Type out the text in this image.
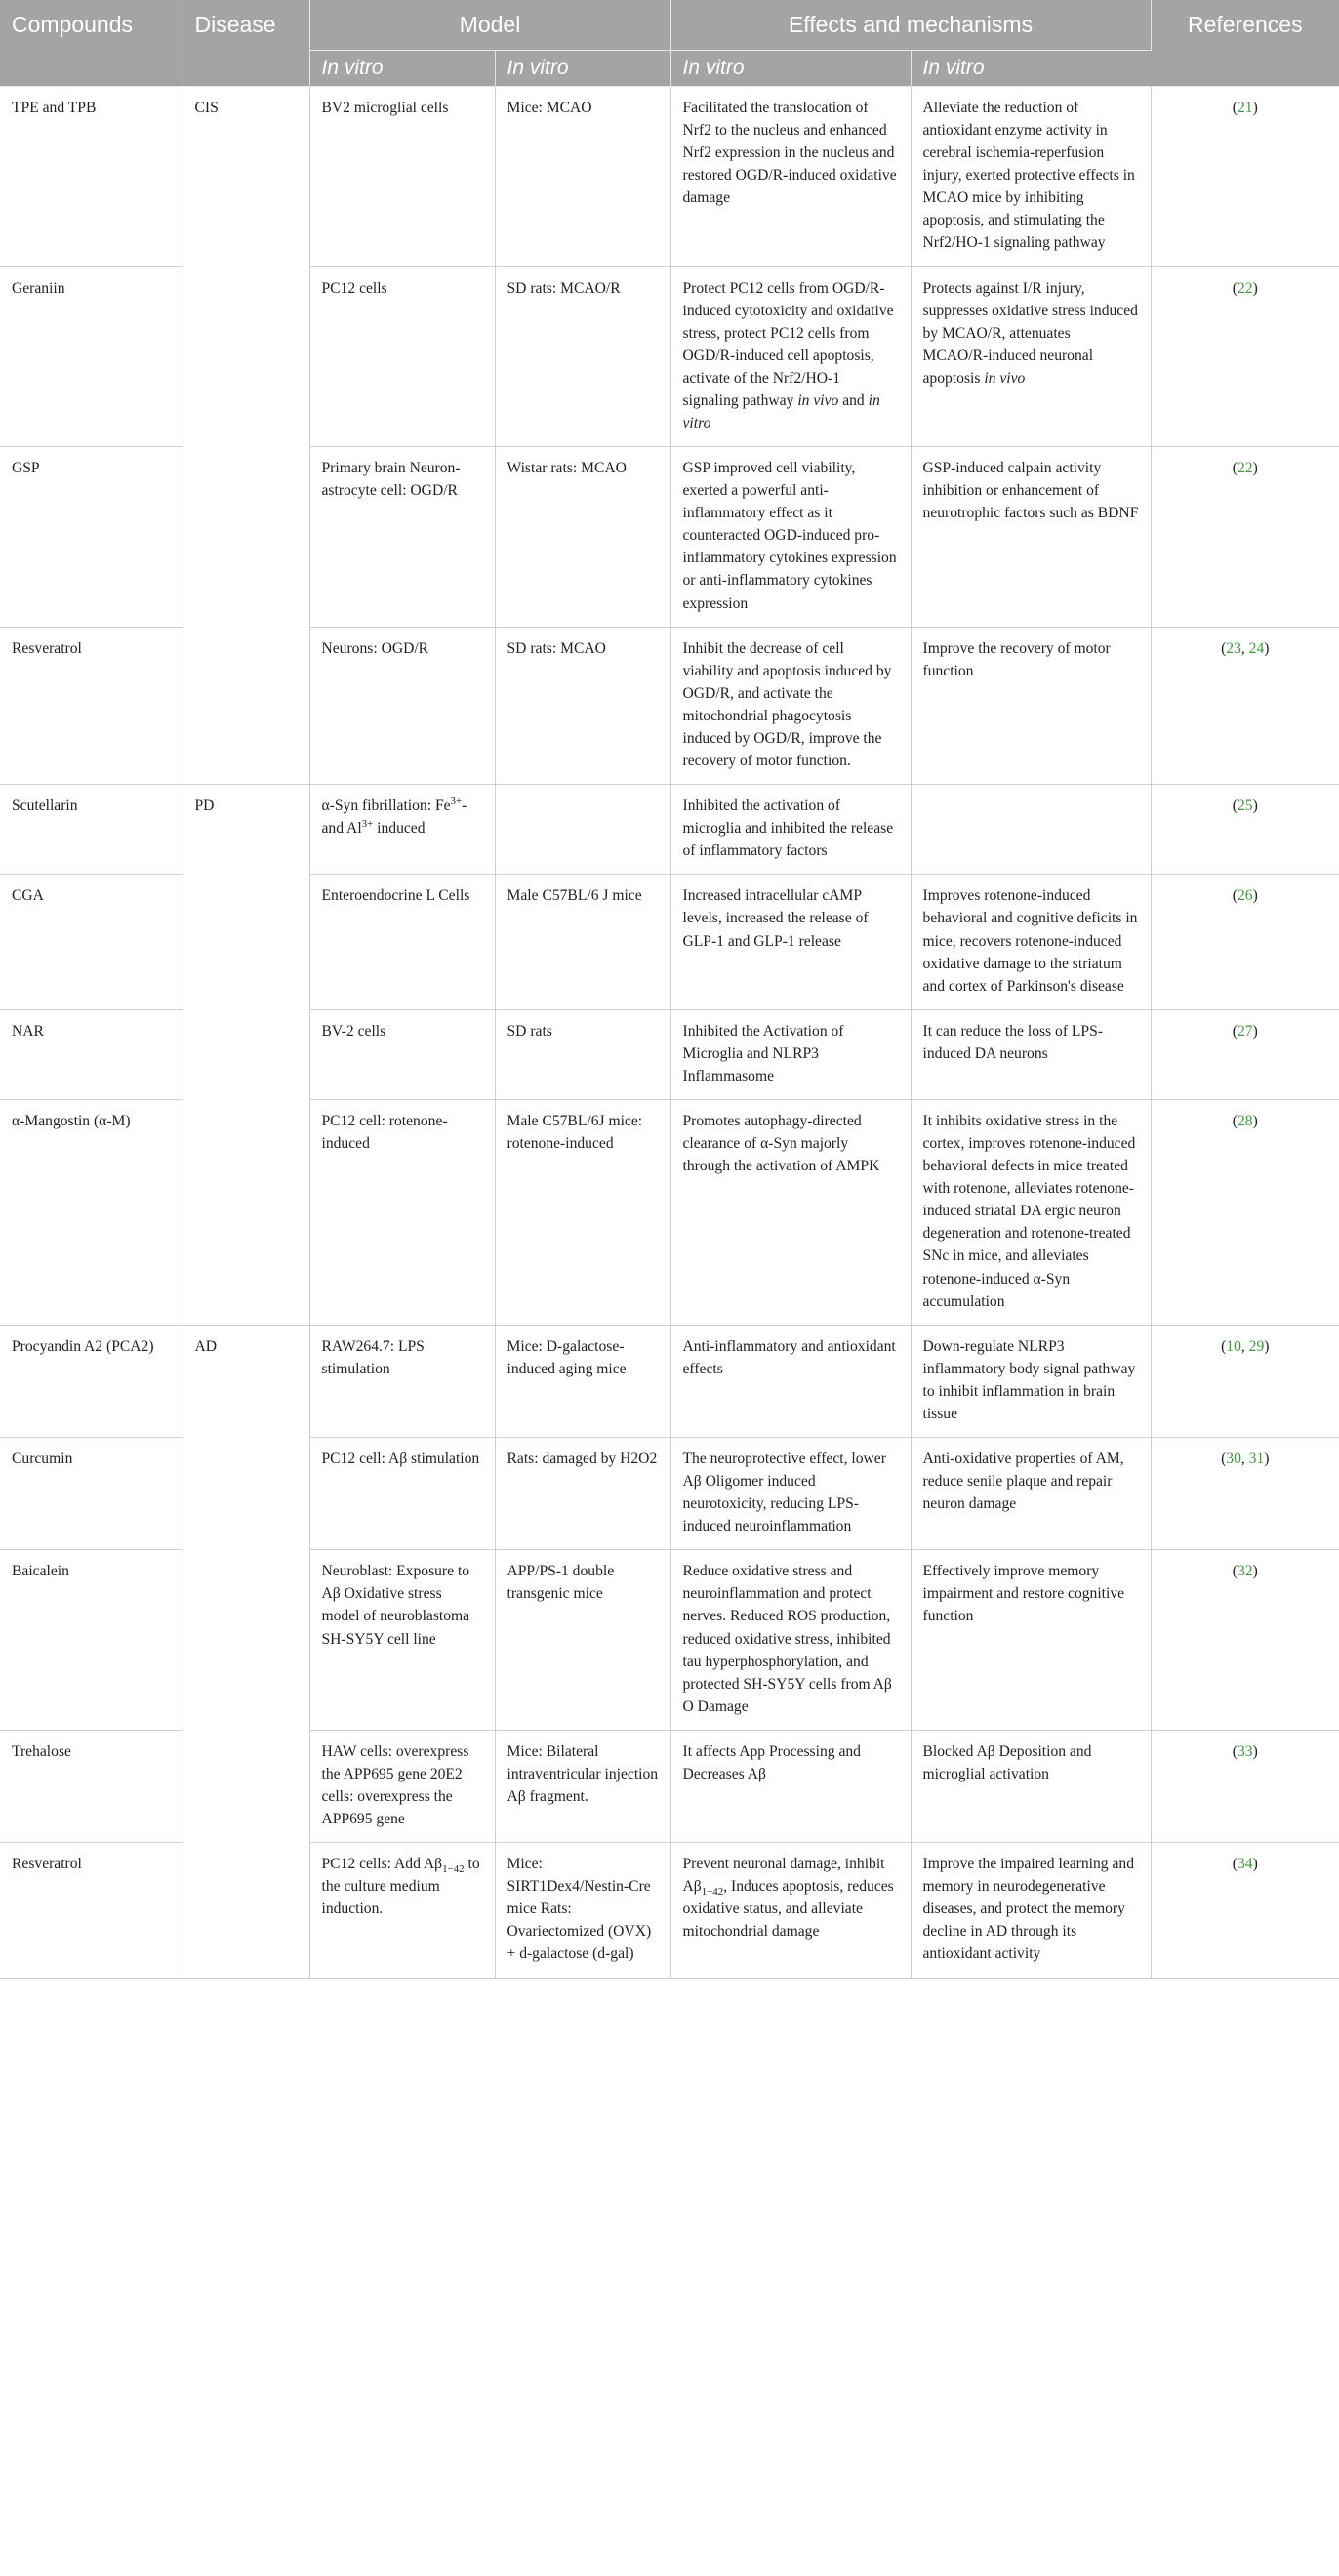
Compounds	Disease	Model		Effects and mechanisms		References
		In vitro	In vitro	In vitro	In vitro	
TPE and TPB	CIS	BV2 microglial cells	Mice: MCAO	Facilitated the translocation of Nrf2 to the nucleus and enhanced Nrf2 expression in the nucleus and restored OGD/R-induced oxidative damage	Alleviate the reduction of antioxidant enzyme activity in cerebral ischemia-reperfusion injury, exerted protective effects in MCAO mice by inhibiting apoptosis, and stimulating the Nrf2/HO-1 signaling pathway	(21)
Geraniin		PC12 cells	SD rats: MCAO/R	Protect PC12 cells from OGD/R-induced cytotoxicity and oxidative stress, protect PC12 cells from OGD/R-induced cell apoptosis, activate of the Nrf2/HO-1 signaling pathway in vivo and in vitro	Protects against I/R injury, suppresses oxidative stress induced by MCAO/R, attenuates MCAO/R-induced neuronal apoptosis in vivo	(22)
GSP		Primary brain Neuron-astrocyte cell: OGD/R	Wistar rats: MCAO	GSP improved cell viability, exerted a powerful anti-inflammatory effect as it counteracted OGD-induced pro-inflammatory cytokines expression or anti-inflammatory cytokines expression	GSP-induced calpain activity inhibition or enhancement of neurotrophic factors such as BDNF	(22)
Resveratrol		Neurons: OGD/R	SD rats: MCAO	Inhibit the decrease of cell viability and apoptosis induced by OGD/R, and activate the mitochondrial phagocytosis induced by OGD/R, improve the recovery of motor function.	Improve the recovery of motor function	(23, 24)
Scutellarin	PD	α-Syn fibrillation: $Fe^{3+}$-and $Al^{3+}$ induced		Inhibited the activation of microglia and inhibited the release of inflammatory factors		(25)
CGA		Enteroendocrine L Cells	Male C57BL/6 J mice	Increased intracellular cAMP levels, increased the release of GLP-1 and GLP-1 release	Improves rotenone-induced behavioral and cognitive deficits in mice, recovers rotenone-induced oxidative damage to the striatum and cortex of Parkinson's disease	(26)
NAR		BV-2 cells	SD rats	Inhibited the Activation of Microglia and NLRP3 Inflammasome	It can reduce the loss of LPS-induced DA neurons	(27)
α-Mangostin (α-M)		PC12 cell: rotenone-induced	Male C57BL/6J mice: rotenone-induced	Promotes autophagy-directed clearance of α-Syn majorly through the activation of AMPK	It inhibits oxidative stress in the cortex, improves rotenone-induced behavioral defects in mice treated with rotenone, alleviates rotenone-induced striatal DA ergic neuron degeneration and rotenone-treated SNc in mice, and alleviates rotenone-induced α-Syn accumulation	(28)
Procyandin A2 (PCA2)	AD	RAW264.7: LPS stimulation	Mice: D-galactose-induced aging mice	Anti-inflammatory and antioxidant effects	Down-regulate NLRP3 inflammatory body signal pathway to inhibit inflammation in brain tissue	(10, 29)
Curcumin		PC12 cell: Aβ stimulation	Rats: damaged by H2O2	The neuroprotective effect, lower Aβ Oligomer induced neurotoxicity, reducing LPS- induced neuroinflammation	Anti-oxidative properties of AM, reduce senile plaque and repair neuron damage	(30, 31)
Baicalein		Neuroblast: Exposure to Aβ Oxidative stress model of neuroblastoma SH-SY5Y cell line	APP/PS-1 double transgenic mice	Reduce oxidative stress and neuroinflammation and protect nerves. Reduced ROS production, reduced oxidative stress, inhibited tau hyperphosphorylation, and protected SH-SY5Y cells from Aβ O Damage	Effectively improve memory impairment and restore cognitive function	(32)
Trehalose		HAW cells: overexpress the APP695 gene 20E2 cells: overexpress the APP695 gene	Mice: Bilateral intraventricular injection Aβ fragment.	It affects App Processing and Decreases Aβ	Blocked Aβ Deposition and microglial activation	(33)
Resveratrol		PC12 cells: Add $A\beta_{1-42}$ to the culture medium induction.	Mice: SIRT1Dex4/Nestin-Cre mice Rats: Ovariectomized (OVX) + d-galactose (d-gal)	Prevent neuronal damage, inhibit $A\beta_{1-42}$, Induces apoptosis, reduces oxidative status, and alleviate mitochondrial damage	Improve the impaired learning and memory in neurodegenerative diseases, and protect the memory decline in AD through its antioxidant activity	(34)
